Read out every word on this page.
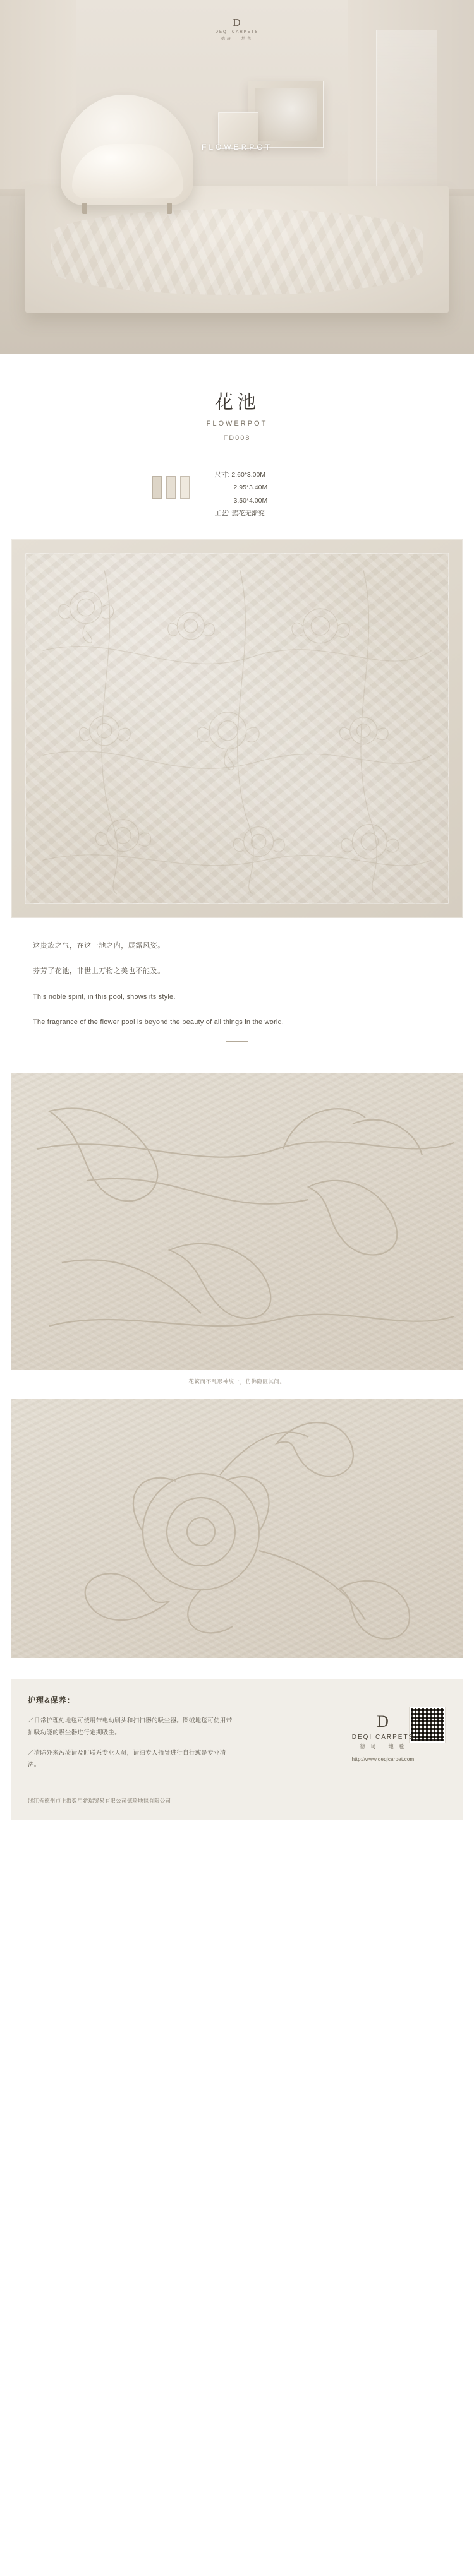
D
DEQI CARPETS
德琦 · 地毯
FLOWERPOT
花池
FLOWERPOT
FD008
尺寸: 2.60*3.00M
2.95*3.40M
3.50*4.00M
工艺: 簇花无渐变

这贵族之气，在这一池之内，展露风姿。

芬芳了花池，非世上万物之美也不能及。

This noble spirit, in this pool, shows its style.

The fragrance of the flower pool is beyond the beauty of all things in the world.

花繁而不乱形神统一，仿佛隐匿其间。
护理&保养：
／日常护理刻地毯可使用带电动刷头和扫扫器的吸尘器。圈绒地毯可使用带抽吸功能的吸尘器进行定期吸尘。
／清除外来污渍请及时联系专业人员，请油专人指导进行自行或是专业清洗。
D
DEQI CARPETS
德 琦 · 地 毯
http://www.deqicarpet.com
浙江省德州市上海数用新瑞贸易有限公司德琦地毯有限公司
